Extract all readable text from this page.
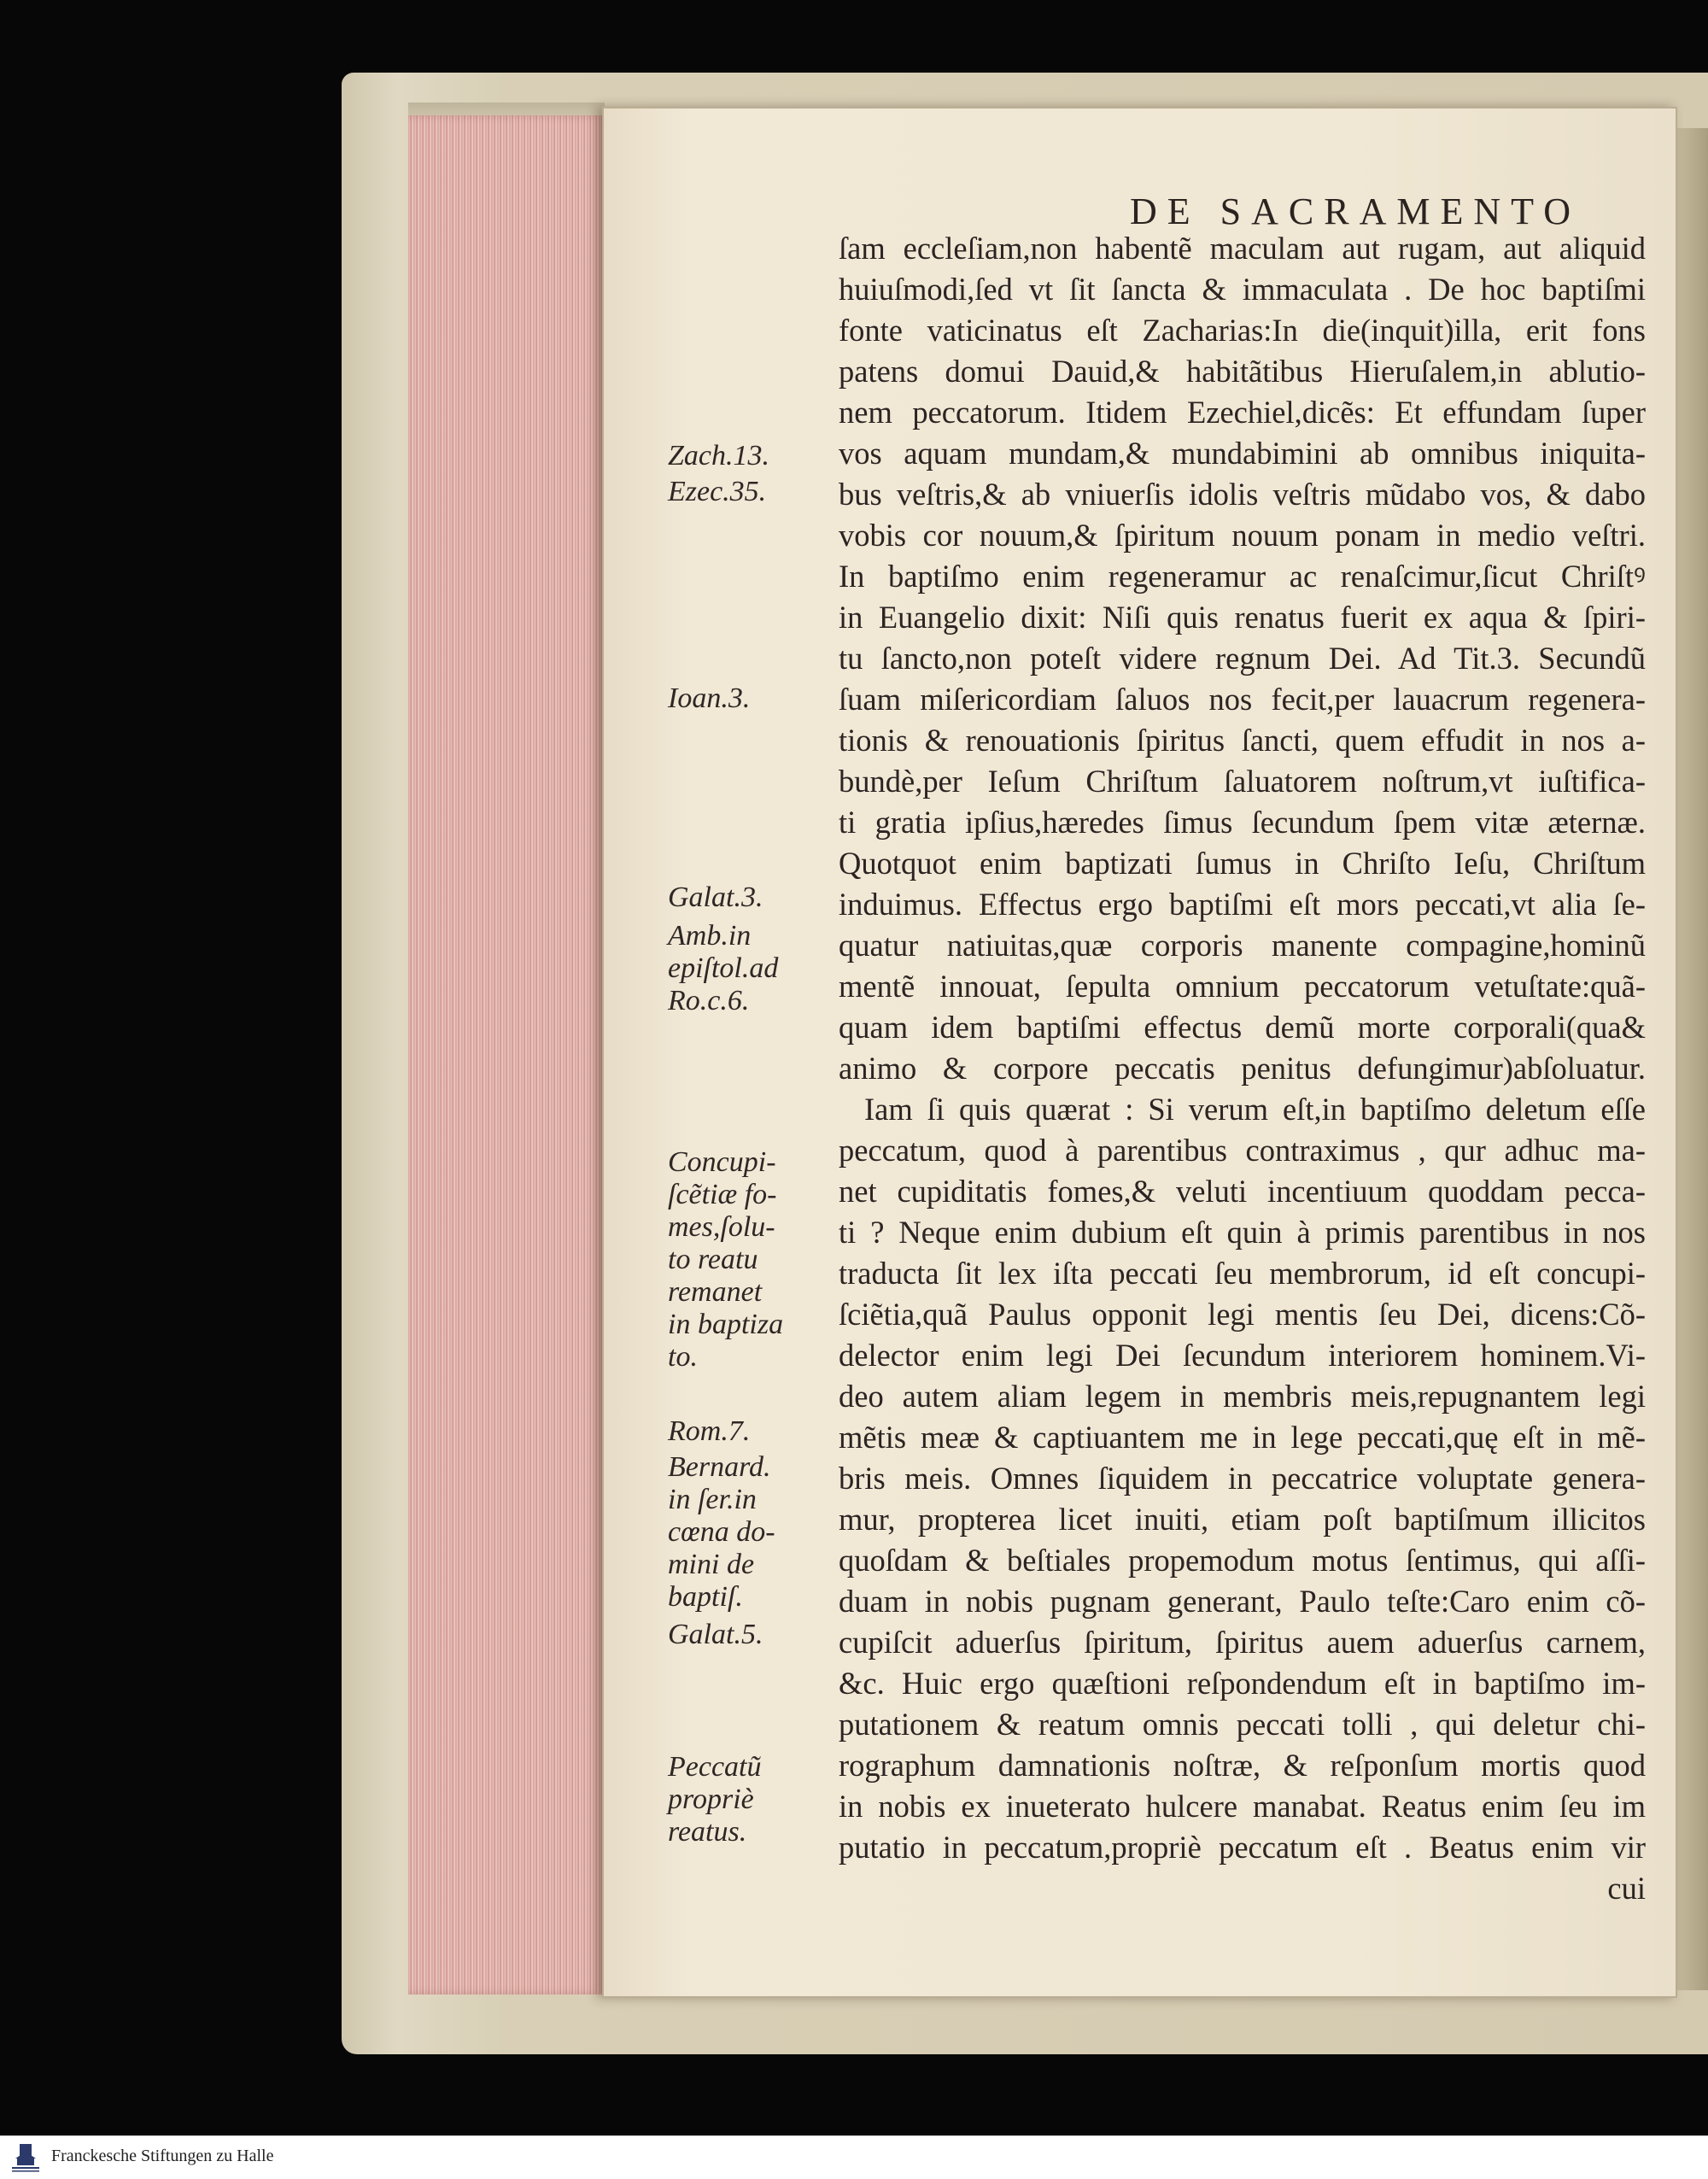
DE SACRAMENTO
Zach.13.
Ezec.35.
Ioan.3.
Galat.3.
Amb.in
epiſtol.ad
Ro.c.6.
Concupi-
ſcẽtiæ fo-
mes,ſolu-
to reatu
remanet
in baptiza
to.
Rom.7.
Bernard.
in ſer.in
cœna do-
mini de
baptiſ.
Galat.5.
Peccatũ
propriè
reatus.
ſam eccleſiam,non habentẽ maculam aut rugam, aut aliquid
huiuſmodi,ſed vt ſit ſancta & immaculata . De hoc baptiſmi
fonte vaticinatus eſt Zacharias:In die(inquit)illa, erit fons
patens domui Dauid,& habitãtibus Hieruſalem,in ablutio-
nem peccatorum. Itidem Ezechiel,dicẽs: Et effundam ſuper
vos aquam mundam,& mundabimini ab omnibus iniquita-
bus veſtris,& ab vniuerſis idolis veſtris mũdabo vos, & dabo
vobis cor nouum,& ſpiritum nouum ponam in medio veſtri.
In baptiſmo enim regeneramur ac renaſcimur,ſicut Chriſtꝰ
in Euangelio dixit: Niſi quis renatus fuerit ex aqua & ſpiri-
tu ſancto,non poteſt videre regnum Dei. Ad Tit.3. Secundũ
ſuam miſericordiam ſaluos nos fecit,per lauacrum regenera-
tionis & renouationis ſpiritus ſancti, quem effudit in nos a-
bundè,per Ieſum Chriſtum ſaluatorem noſtrum,vt iuſtifica-
ti gratia ipſius,hæredes ſimus ſecundum ſpem vitæ æternæ.
Quotquot enim baptizati ſumus in Chriſto Ieſu, Chriſtum
induimus. Effectus ergo baptiſmi eſt mors peccati,vt alia ſe-
quatur natiuitas,quæ corporis manente compagine,hominũ
mentẽ innouat, ſepulta omnium peccatorum vetuſtate:quã-
quam idem baptiſmi effectus demũ morte corporali(qua&
animo & corpore peccatis penitus defungimur)abſoluatur.
Iam ſi quis quærat : Si verum eſt,in baptiſmo deletum eſſe
peccatum, quod à parentibus contraximus , qur adhuc ma-
net cupiditatis fomes,& veluti incentiuum quoddam pecca-
ti ? Neque enim dubium eſt quin à primis parentibus in nos
traducta ſit lex iſta peccati ſeu membrorum, id eſt concupi-
ſciẽtia,quã Paulus opponit legi mentis ſeu Dei, dicens:Cõ-
delector enim legi Dei ſecundum interiorem hominem.Vi-
deo autem aliam legem in membris meis,repugnantem legi
mẽtis meæ & captiuantem me in lege peccati,quę eſt in mẽ-
bris meis. Omnes ſiquidem in peccatrice voluptate genera-
mur, propterea licet inuiti, etiam poſt baptiſmum illicitos
quoſdam & beſtiales propemodum motus ſentimus, qui aſſi-
duam in nobis pugnam generant, Paulo teſte:Caro enim cõ-
cupiſcit aduerſus ſpiritum, ſpiritus auem aduerſus carnem,
&c. Huic ergo quæſtioni reſpondendum eſt in baptiſmo im-
putationem & reatum omnis peccati tolli , qui deletur chi-
rographum damnationis noſtræ, & reſponſum mortis quod
in nobis ex inueterato hulcere manabat. Reatus enim ſeu im
putatio in peccatum,propriè peccatum eſt . Beatus enim vir
cui
Franckesche Stiftungen zu Halle
